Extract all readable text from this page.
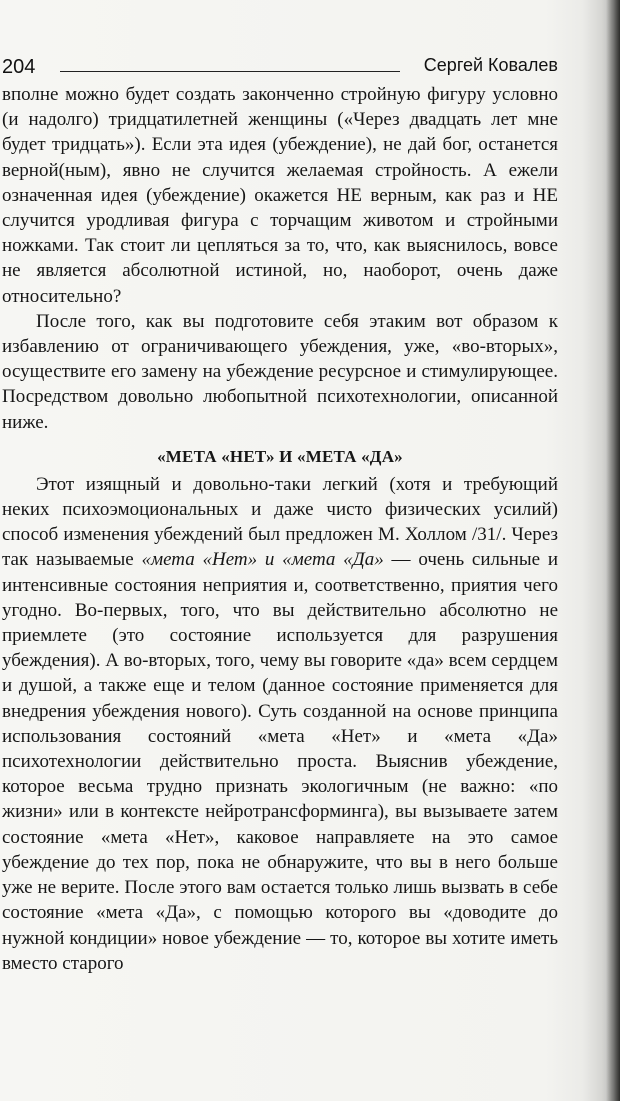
204	Сергей Ковалев

вполне можно будет создать законченно стройную фигуру условно (и надолго) тридцатилетней женщины («Через двадцать лет мне будет тридцать»). Если эта идея (убеждение), не дай бог, останется верной(ным), явно не случится желаемая стройность. А ежели означенная идея (убеждение) окажется НЕ верным, как раз и НЕ случится уродливая фигура с торчащим животом и стройными ножками. Так стоит ли цепляться за то, что, как выяснилось, вовсе не является абсолютной истиной, но, наоборот, очень даже относительно?

После того, как вы подготовите себя этаким вот образом к избавлению от ограничивающего убеждения, уже, «во-вторых», осуществите его замену на убеждение ресурсное и стимулирующее. Посредством довольно любопытной психотехнологии, описанной ниже.

«МЕТА «НЕТ» И «МЕТА «ДА»

Этот изящный и довольно-таки легкий (хотя и требующий неких психоэмоциональных и даже чисто физических усилий) способ изменения убеждений был предложен М. Холлом /31/. Через так называемые «мета «Нет» и «мета «Да» — очень сильные и интенсивные состояния неприятия и, соответственно, приятия чего угодно. Во-первых, того, что вы действительно абсолютно не приемлете (это состояние используется для разрушения убеждения). А во-вторых, того, чему вы говорите «да» всем сердцем и душой, а также еще и телом (данное состояние применяется для внедрения убеждения нового). Суть созданной на основе принципа использования состояний «мета «Нет» и «мета «Да» психотехнологии действительно проста. Выяснив убеждение, которое весьма трудно признать экологичным (не важно: «по жизни» или в контексте нейротрансформинга), вы вызываете затем состояние «мета «Нет», каковое направляете на это самое убеждение до тех пор, пока не обнаружите, что вы в него больше уже не верите. После этого вам остается только лишь вызвать в себе состояние «мета «Да», с помощью которого вы «доводите до нужной кондиции» новое убеждение — то, которое вы хотите иметь вместо старого
